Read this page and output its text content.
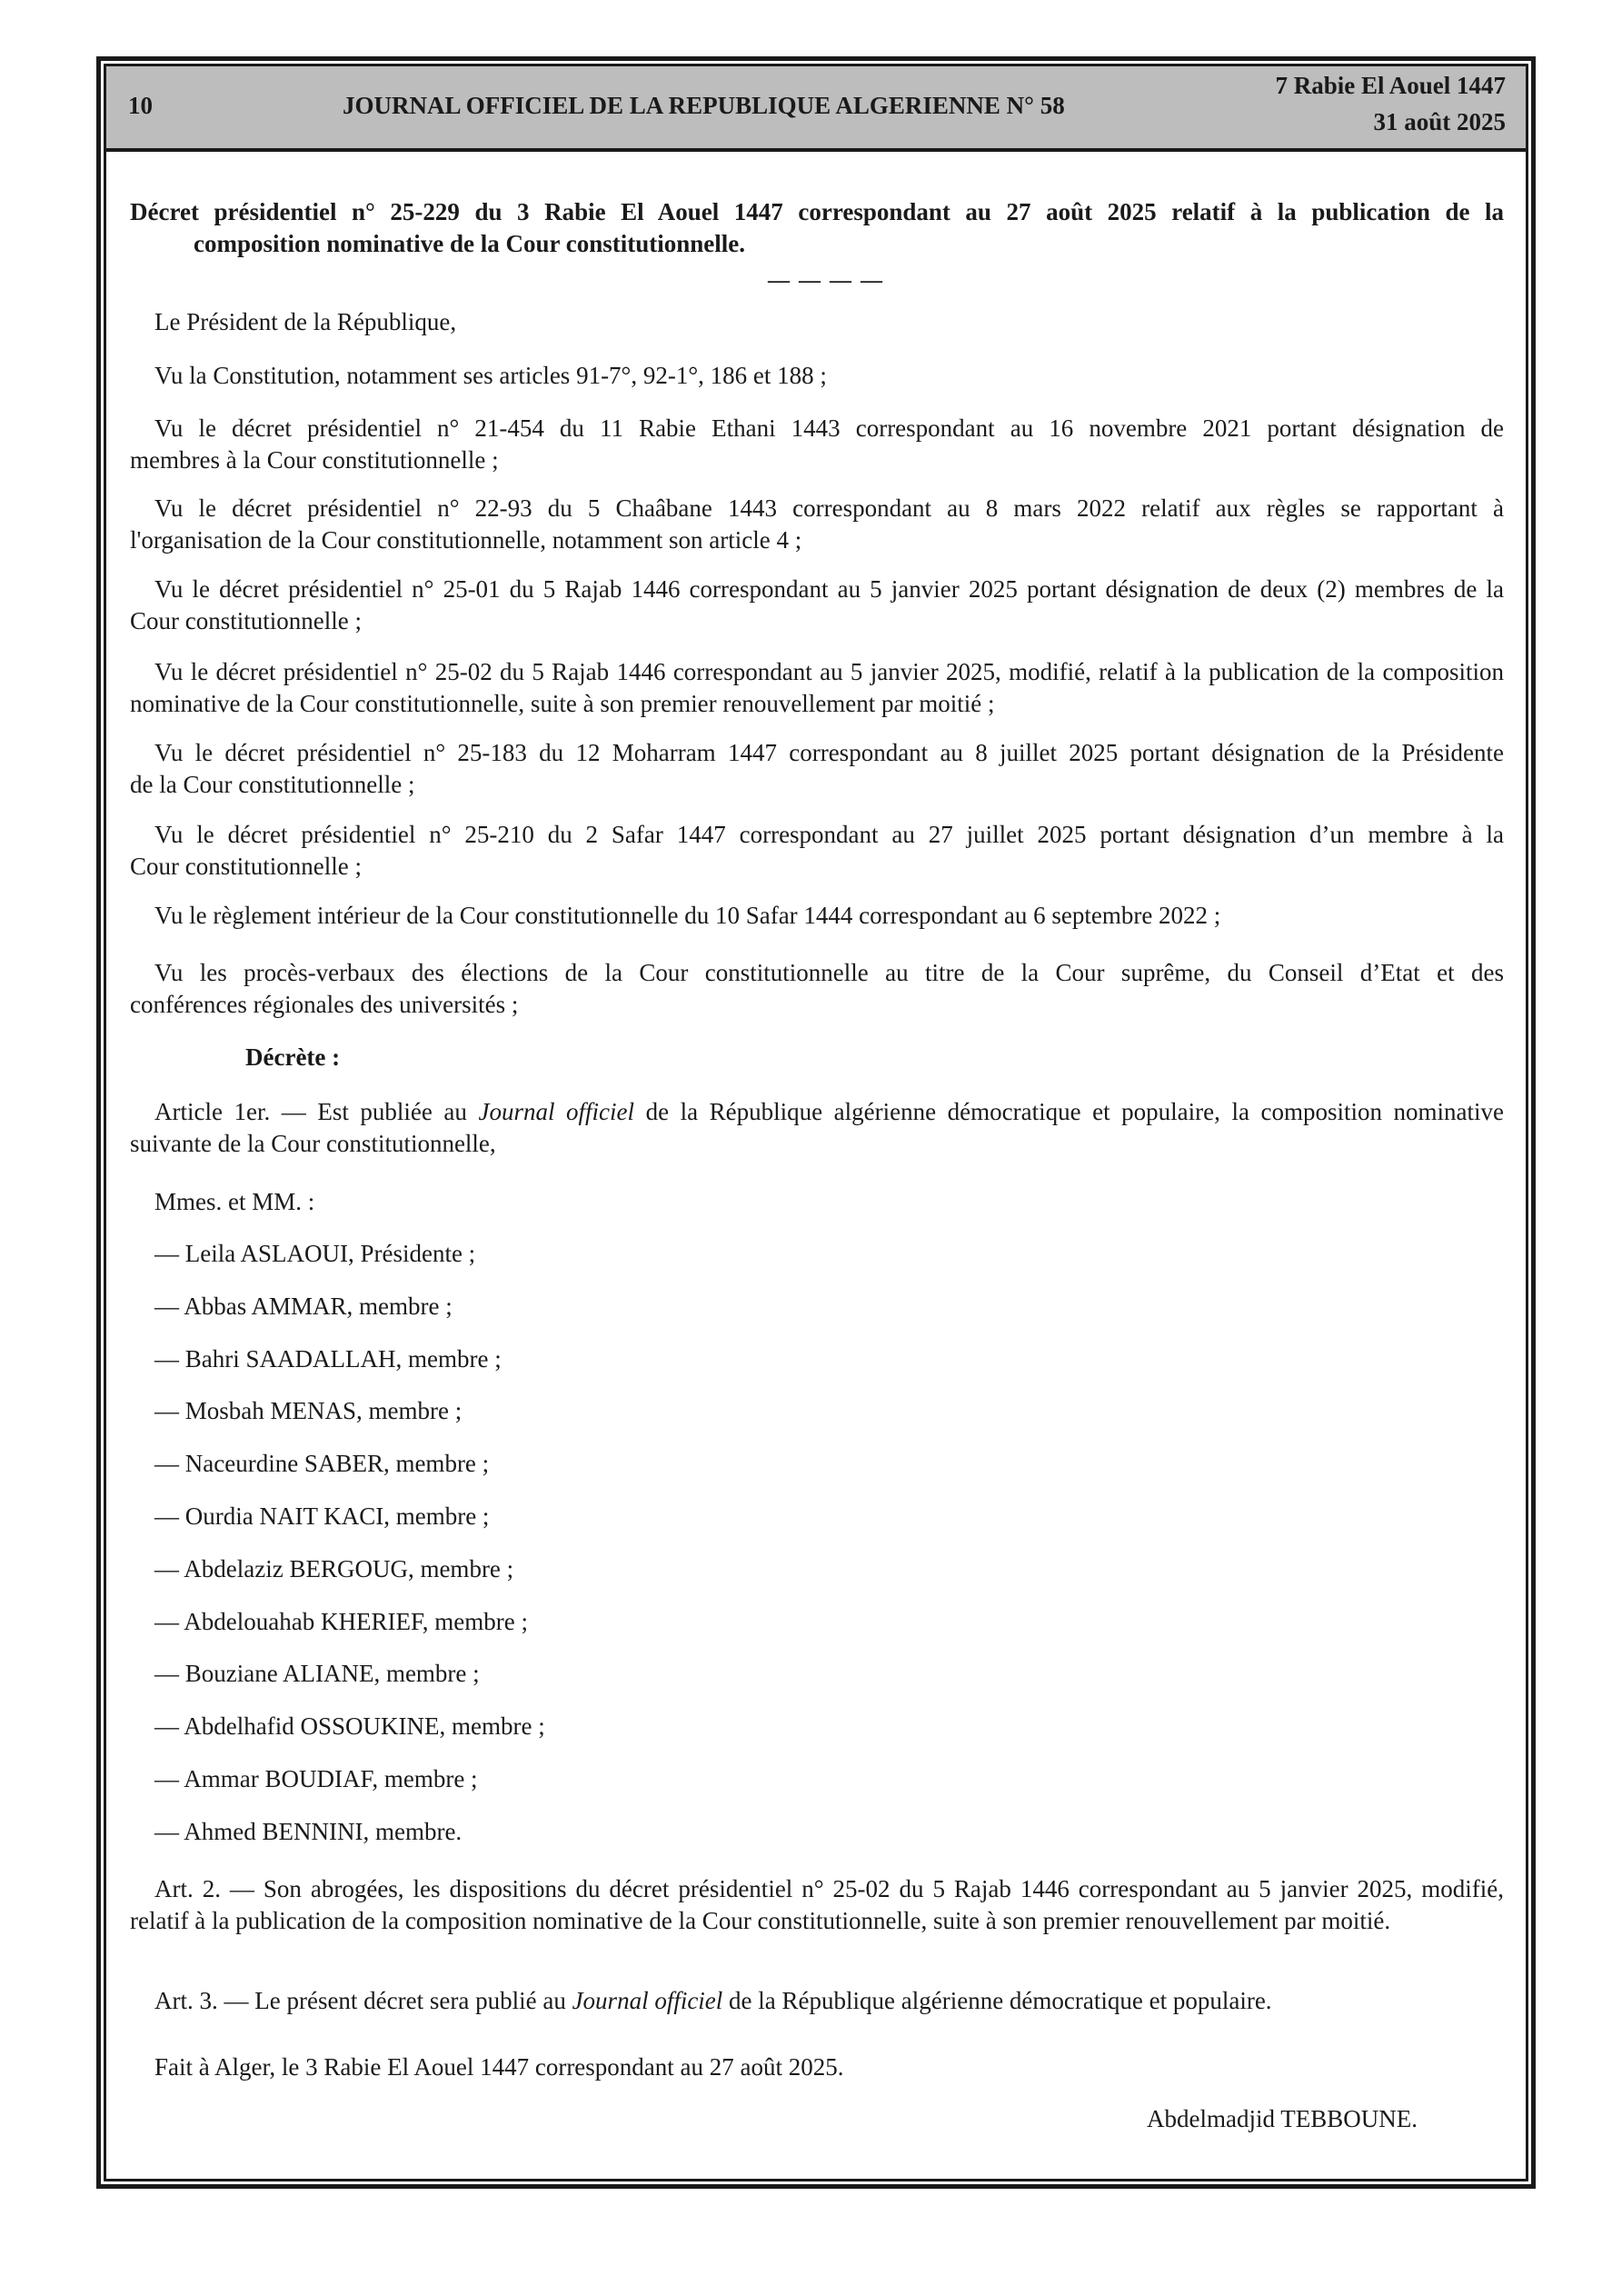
10	JOURNAL OFFICIEL DE LA REPUBLIQUE ALGERIENNE N° 58
7 Rabie El Aouel 1447
31 août 2025
Décret présidentiel n° 25-229 du 3 Rabie El Aouel 1447 correspondant au 27 août 2025 relatif à la publication de la
composition nominative de la Cour constitutionnelle.
— — — —
Le Président de la République,
Vu la Constitution, notamment ses articles 91-7°, 92-1°, 186 et 188 ;
Vu le décret présidentiel n° 21-454 du 11 Rabie Ethani 1443 correspondant au 16 novembre 2021 portant désignation de
membres à la Cour constitutionnelle ;
Vu le décret présidentiel n° 22-93 du 5 Chaâbane 1443 correspondant au 8 mars 2022 relatif aux règles se rapportant à
l'organisation de la Cour constitutionnelle, notamment son article 4 ;
Vu le décret présidentiel n° 25-01 du 5 Rajab 1446 correspondant au 5 janvier 2025 portant désignation de deux (2) membres de la
Cour constitutionnelle ;
Vu le décret présidentiel n° 25-02 du 5 Rajab 1446 correspondant au 5 janvier 2025, modifié, relatif à la publication de la composition
nominative de la Cour constitutionnelle, suite à son premier renouvellement par moitié ;
Vu le décret présidentiel n° 25-183 du 12 Moharram 1447 correspondant au 8 juillet 2025 portant désignation de la Présidente
de la Cour constitutionnelle ;
Vu le décret présidentiel n° 25-210 du 2 Safar 1447 correspondant au 27 juillet 2025 portant désignation d’un membre à la
Cour constitutionnelle ;
Vu le règlement intérieur de la Cour constitutionnelle du 10 Safar 1444 correspondant au 6 septembre 2022 ;
Vu les procès-verbaux des élections de la Cour constitutionnelle au titre de la Cour suprême, du Conseil d’Etat et des
conférences régionales des universités ;
Décrète :
Article 1er. — Est publiée au Journal officiel de la République algérienne démocratique et populaire, la composition nominative
suivante de la Cour constitutionnelle,
Mmes. et MM. :
— Leila ASLAOUI, Présidente ;
— Abbas AMMAR, membre ;
— Bahri SAADALLAH, membre ;
— Mosbah MENAS, membre ;
— Naceurdine SABER, membre ;
— Ourdia NAIT KACI, membre ;
— Abdelaziz BERGOUG, membre ;
— Abdelouahab KHERIEF, membre ;
— Bouziane ALIANE, membre ;
— Abdelhafid OSSOUKINE, membre ;
— Ammar BOUDIAF, membre ;
— Ahmed BENNINI, membre.
Art. 2. — Son abrogées, les dispositions du décret présidentiel n° 25-02 du 5 Rajab 1446 correspondant au 5 janvier 2025, modifié,
relatif à la publication de la composition nominative de la Cour constitutionnelle, suite à son premier renouvellement par moitié.
Art. 3. — Le présent décret sera publié au Journal officiel de la République algérienne démocratique et populaire.
Fait à Alger, le 3 Rabie El Aouel 1447 correspondant au 27 août 2025.
Abdelmadjid TEBBOUNE.
